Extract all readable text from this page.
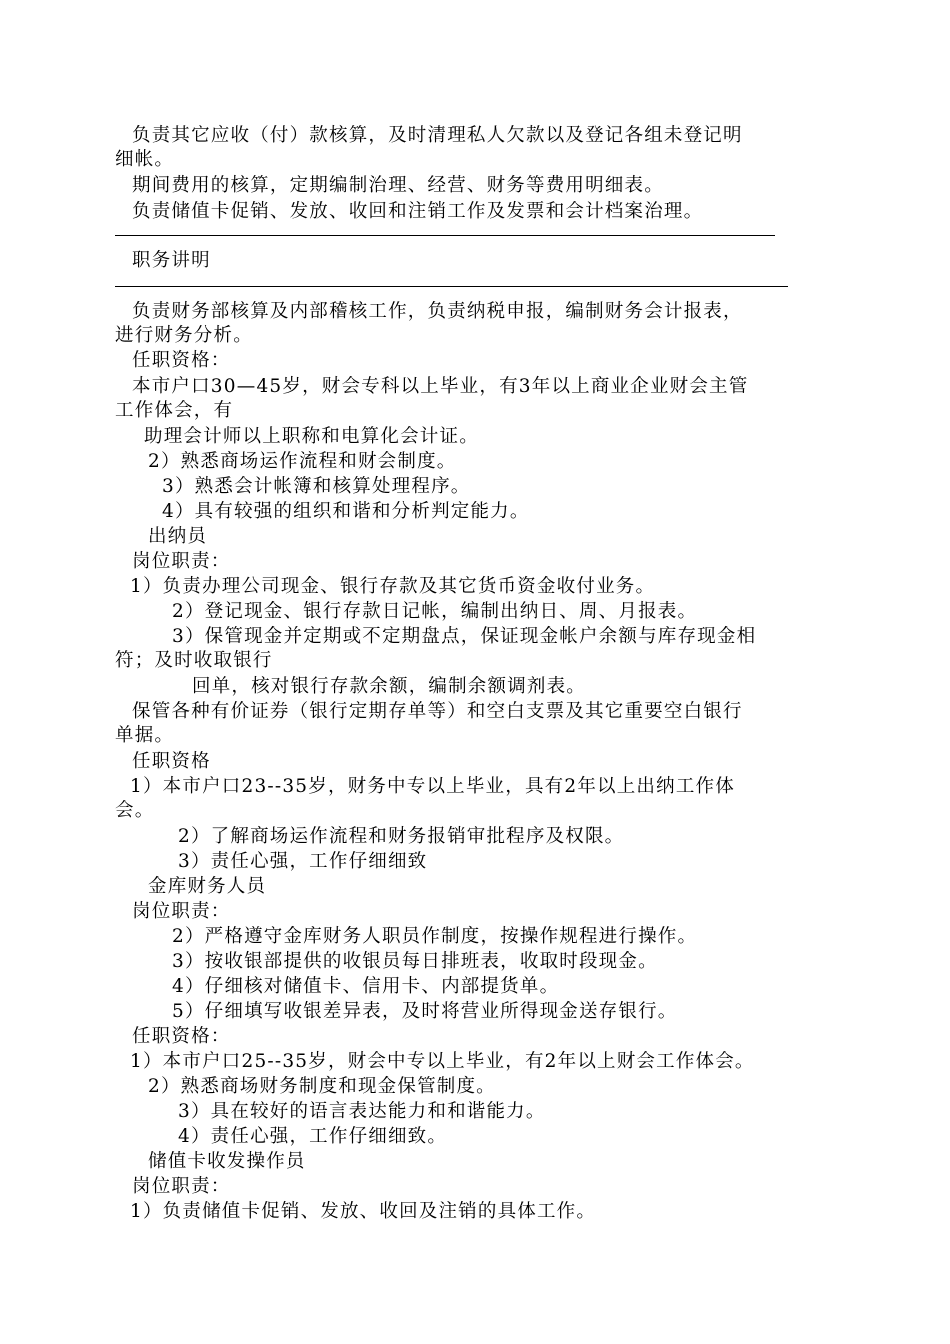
负责其它应收（付）款核算，及时清理私人欠款以及登记各组未登记明
细帐。
期间费用的核算，定期编制治理、经营、财务等费用明细表。
负责储值卡促销、发放、收回和注销工作及发票和会计档案治理。
职务讲明
负责财务部核算及内部稽核工作，负责纳税申报，编制财务会计报表，
进行财务分析。
任职资格：
本市户口30—45岁，财会专科以上毕业，有3年以上商业企业财会主管
工作体会，有
助理会计师以上职称和电算化会计证。
2）熟悉商场运作流程和财会制度。
3）熟悉会计帐簿和核算处理程序。
4）具有较强的组织和谐和分析判定能力。
出纳员
岗位职责：
1）负责办理公司现金、银行存款及其它货币资金收付业务。
2）登记现金、银行存款日记帐，编制出纳日、周、月报表。
3）保管现金并定期或不定期盘点，保证现金帐户余额与库存现金相
符；及时收取银行
回单，核对银行存款余额，编制余额调剂表。
保管各种有价证券（银行定期存单等）和空白支票及其它重要空白银行
单据。
任职资格
1）本市户口23--35岁，财务中专以上毕业，具有2年以上出纳工作体
会。
2）了解商场运作流程和财务报销审批程序及权限。
3）责任心强，工作仔细细致
金库财务人员
岗位职责：
2）严格遵守金库财务人职员作制度，按操作规程进行操作。
3）按收银部提供的收银员每日排班表，收取时段现金。
4）仔细核对储值卡、信用卡、内部提货单。
5）仔细填写收银差异表，及时将营业所得现金送存银行。
任职资格：
1）本市户口25--35岁，财会中专以上毕业，有2年以上财会工作体会。
2）熟悉商场财务制度和现金保管制度。
3）具在较好的语言表达能力和和谐能力。
4）责任心强，工作仔细细致。
储值卡收发操作员
岗位职责：
1）负责储值卡促销、发放、收回及注销的具体工作。
